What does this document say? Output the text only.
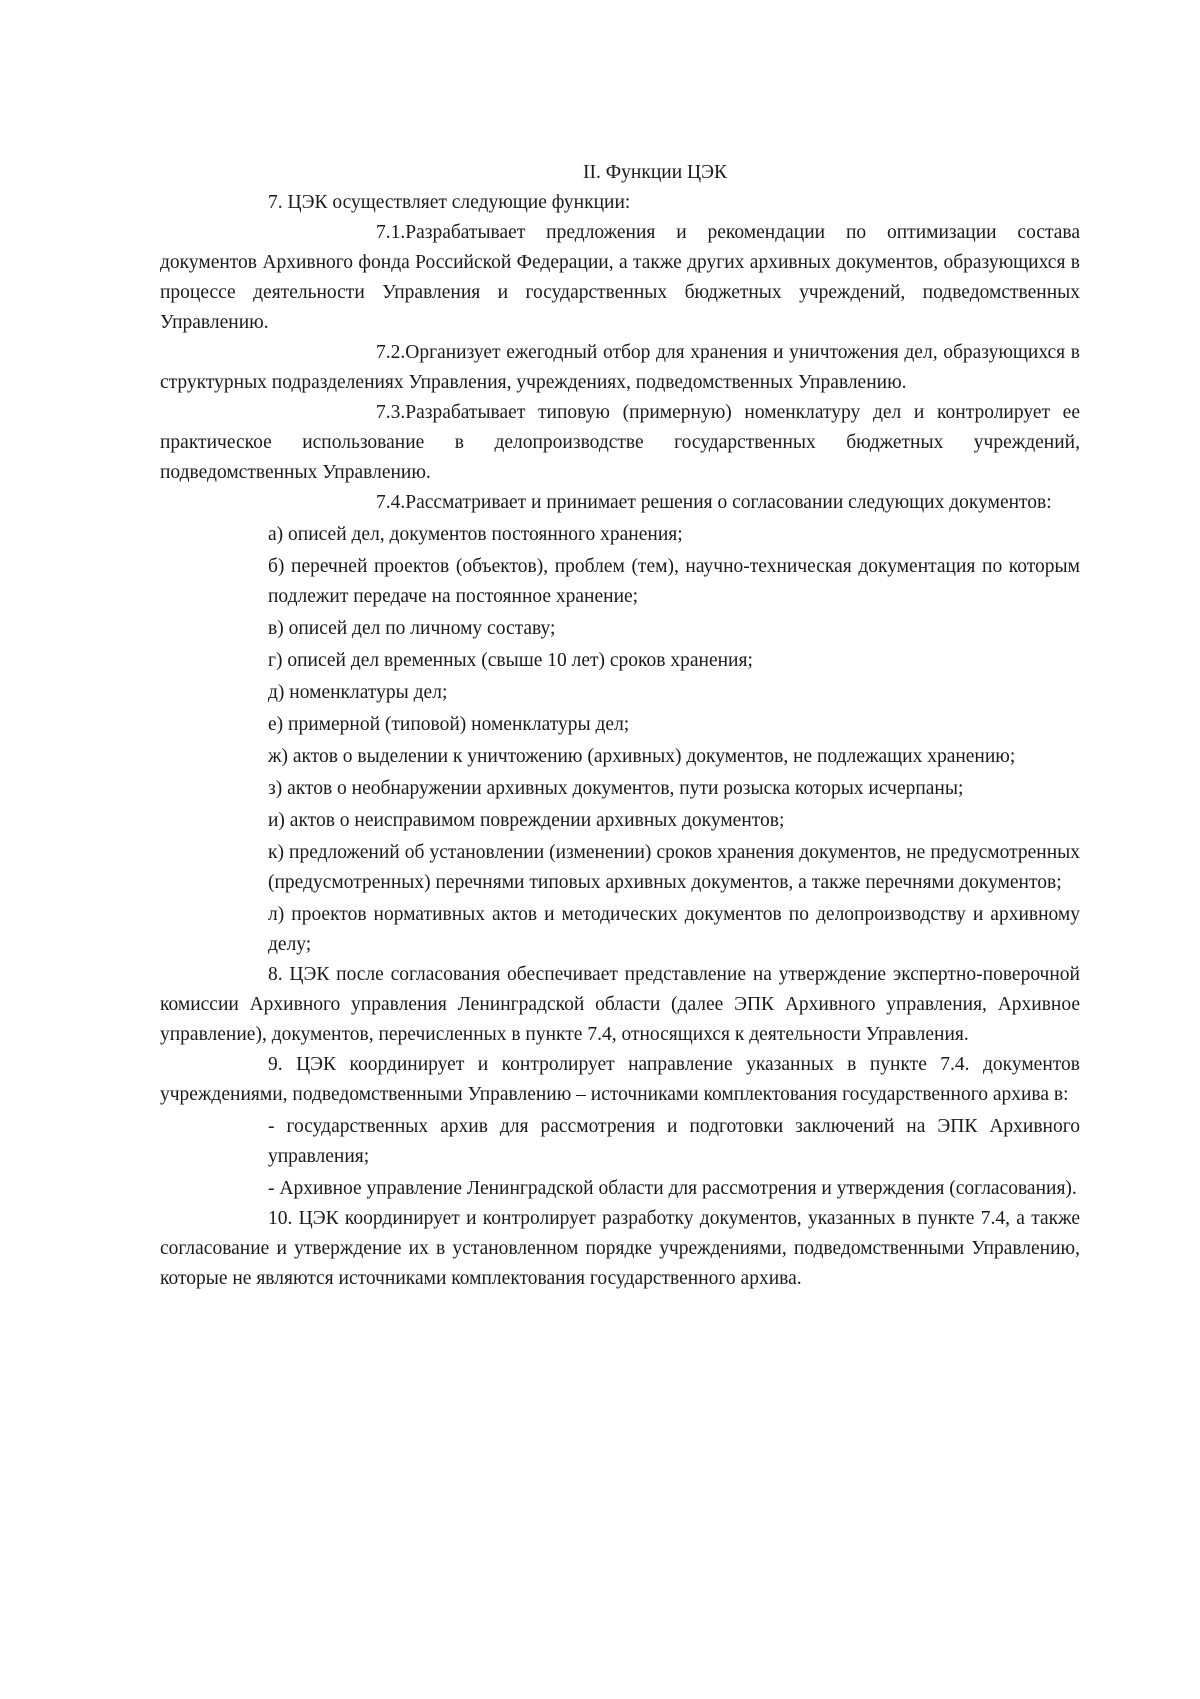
II. Функции ЦЭК

7. ЦЭК осуществляет следующие функции:

7.1.Разрабатывает предложения и рекомендации по оптимизации состава документов Архивного фонда Российской Федерации, а также других архивных документов, образующихся в процессе деятельности Управления и государственных бюджетных учреждений, подведомственных Управлению.

7.2.Организует ежегодный отбор для хранения и уничтожения дел, образующихся в структурных подразделениях Управления, учреждениях, подведомственных Управлению.

7.3.Разрабатывает типовую (примерную) номенклатуру дел и контролирует ее практическое использование в делопроизводстве государственных бюджетных учреждений, подведомственных Управлению.

7.4.Рассматривает и принимает решения о согласовании следующих документов:

а) описей дел, документов постоянного хранения;

б) перечней проектов (объектов), проблем (тем), научно-техническая документация по которым подлежит передаче на постоянное хранение;

в) описей дел по личному составу;

г) описей дел временных (свыше 10 лет) сроков хранения;

д) номенклатуры дел;

е) примерной (типовой) номенклатуры дел;

ж) актов о выделении к уничтожению (архивных) документов, не подлежащих хранению;

з) актов о необнаружении архивных документов, пути розыска которых исчерпаны;

и) актов о неисправимом повреждении архивных документов;

к) предложений об установлении (изменении) сроков хранения документов, не предусмотренных (предусмотренных) перечнями типовых архивных документов, а также перечнями документов;

л) проектов нормативных актов и методических документов по делопроизводству и архивному делу;

8. ЦЭК после согласования обеспечивает представление на утверждение экспертно-поверочной комиссии Архивного управления Ленинградской области (далее ЭПК Архивного управления, Архивное управление), документов, перечисленных в пункте 7.4, относящихся к деятельности Управления.

9. ЦЭК координирует и контролирует направление указанных в пункте 7.4. документов учреждениями, подведомственными Управлению – источниками комплектования государственного архива в:

- государственных архив для рассмотрения и подготовки заключений на ЭПК Архивного управления;

- Архивное управление Ленинградской области для рассмотрения и утверждения (согласования).

10. ЦЭК координирует и контролирует разработку документов, указанных в пункте 7.4, а также согласование и утверждение их в установленном порядке учреждениями, подведомственными Управлению, которые не являются источниками комплектования государственного архива.
